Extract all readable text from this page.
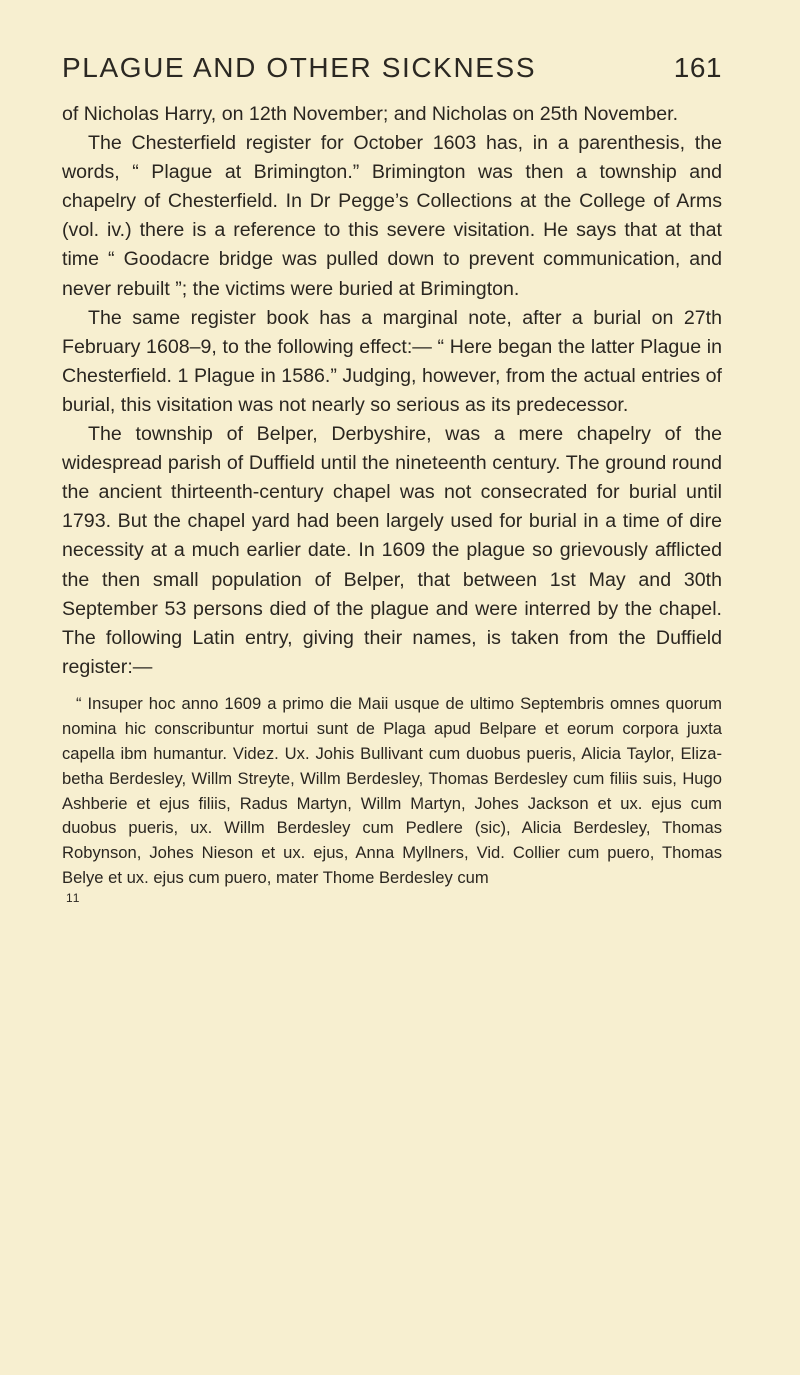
PLAGUE AND OTHER SICKNESS	161

of Nicholas Harry, on 12th November; and Nicholas on 25th November.

The Chesterfield register for October 1603 has, in a parenthesis, the words, “ Plague at Brimington.” Brimington was then a township and chapelry of Chesterfield. In Dr Pegge’s Collections at the College of Arms (vol. iv.) there is a reference to this severe visitation. He says that at that time “ Goodacre bridge was pulled down to prevent communication, and never rebuilt ”; the victims were buried at Brimington.

The same register book has a marginal note, after a burial on 27th February 1608–9, to the following effect:— “ Here began the latter Plague in Chesterfield. 1 Plague in 1586.” Judging, however, from the actual entries of burial, this visitation was not nearly so serious as its predecessor.

The township of Belper, Derbyshire, was a mere chapelry of the widespread parish of Duffield until the nineteenth century. The ground round the ancient thirteenth-century chapel was not consecrated for burial until 1793. But the chapel yard had been largely used for burial in a time of dire necessity at a much earlier date. In 1609 the plague so grievously afflicted the then small population of Belper, that between 1st May and 30th September 53 persons died of the plague and were interred by the chapel. The following Latin entry, giving their names, is taken from the Duffield register:—

“ Insuper hoc anno 1609 a primo die Maii usque de ultimo Septembris omnes quorum nomina hic conscribuntur mortui sunt de Plaga apud Belpare et eorum corpora juxta capella ibm humantur. Videz. Ux. Johis Bullivant cum duobus pueris, Alicia Taylor, Elizabetha Berdesley, Willm Streyte, Willm Berdesley, Thomas Berdesley cum filiis suis, Hugo Ashberie et ejus filiis, Radus Martyn, Willm Martyn, Johes Jackson et ux. ejus cum duobus pueris, ux. Willm Berdesley cum Pedlere (sic), Alicia Berdesley, Thomas Robynson, Johes Nieson et ux. ejus, Anna Myllners, Vid. Collier cum puero, Thomas Belye et ux. ejus cum puero, mater Thome Berdesley cum

11
